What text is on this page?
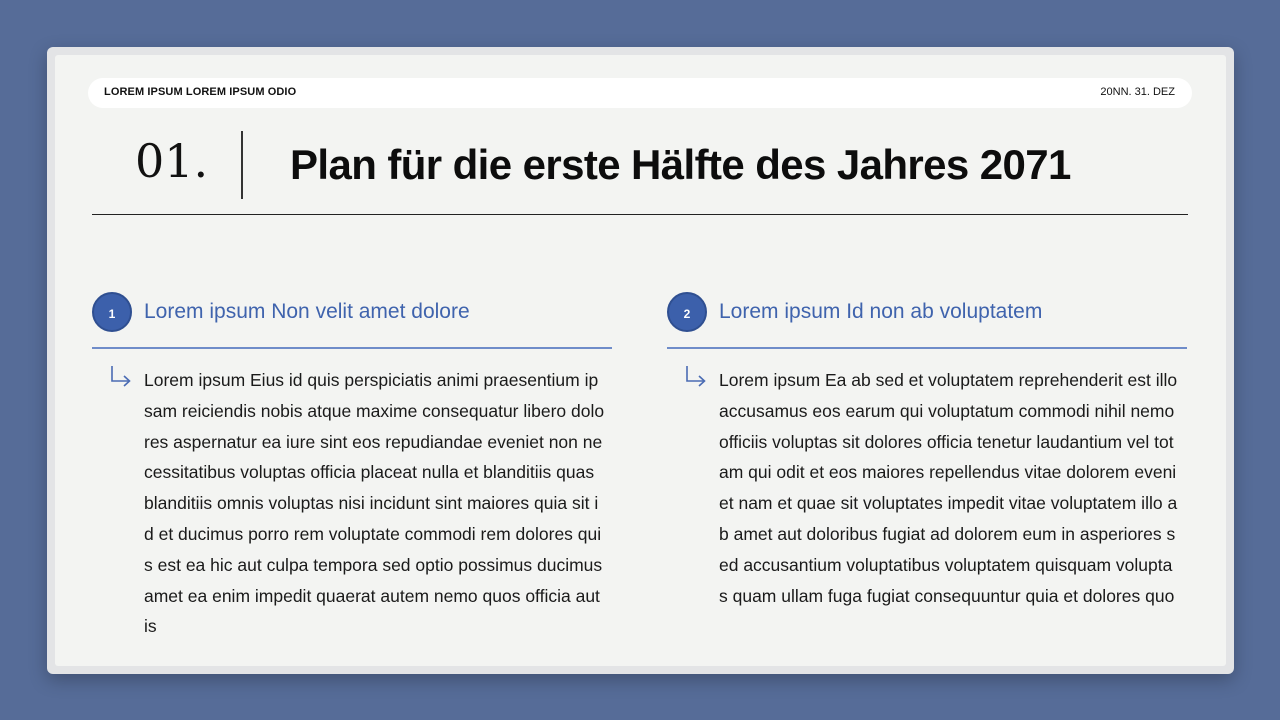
LOREM IPSUM LOREM IPSUM ODIO	20NN. 31. DEZ
01. Plan für die erste Hälfte des Jahres 2071
1	Lorem ipsum Non velit amet dolore
Lorem ipsum Eius id quis perspiciatis animi praesentium ipsam reiciendis nobis atque maxime consequatur libero dolores aspernatur ea iure sint eos repudiandae eveniet non necessitatibus voluptas officia placeat nulla et blanditiis quas blanditiis omnis voluptas nisi incidunt sint maiores quia sit id et ducimus porro rem voluptate commodi rem dolores quis est ea hic aut culpa tempora sed optio possimus ducimus amet ea enim impedit quaerat autem nemo quos officia aut is
2	Lorem ipsum Id non ab voluptatem
Lorem ipsum Ea ab sed et voluptatem reprehenderit est illo accusamus eos earum qui voluptatum commodi nihil nemo officiis voluptas sit dolores officia tenetur laudantium vel totam qui odit et eos maiores repellendus vitae dolorem eveniet nam et quae sit voluptates impedit vitae voluptatem illo ab amet aut doloribus fugiat ad dolorem eum in asperiores sed accusantium voluptatibus voluptatem quisquam voluptas quam ullam fuga fugiat consequuntur quia et dolores quo
